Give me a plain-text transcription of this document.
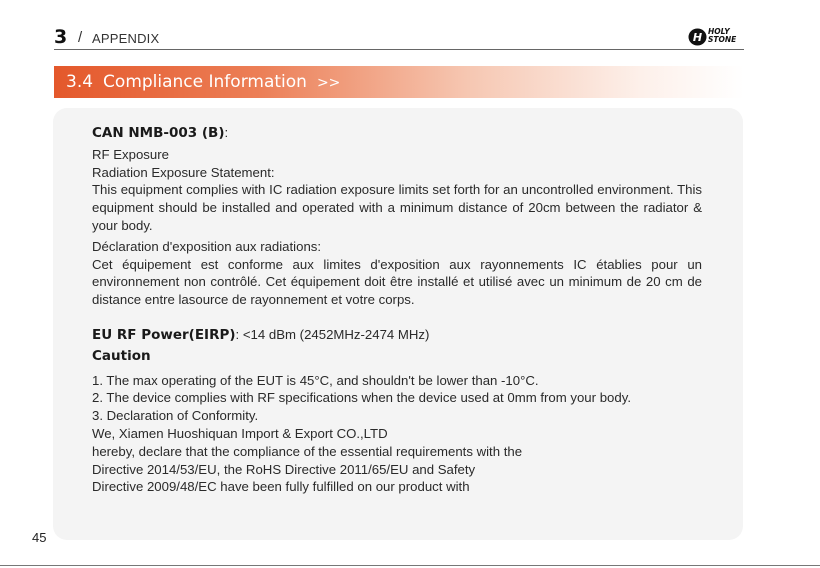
3 / APPENDIX	H HOLY
STONE
3.4 Compliance Information >>

CAN NMB-003 (B):

RF Exposure

Radiation Exposure Statement:

This equipment complies with IC radiation exposure limits set forth for an uncontrolled environment. This equipment should be installed and operated with a minimum distance of 20cm between the radiator & your body.

Déclaration d'exposition aux radiations:

Cet équipement est conforme aux limites d'exposition aux rayonnements IC établies pour un environnement non contrôlé. Cet équipement doit être installé et utilisé avec un minimum de 20 cm de distance entre lasource de rayonnement et votre corps.

EU RF Power(EIRP): <14 dBm (2452MHz-2474 MHz)

Caution

1. The max operating of the EUT is 45°C, and shouldn't be lower than -10°C.

2. The device complies with RF specifications when the device used at 0mm from your body.

3. Declaration of Conformity.

We, Xiamen Huoshiquan Import & Export CO.,LTD

hereby, declare that the compliance of the essential requirements with the

Directive 2014/53/EU, the RoHS Directive 2011/65/EU and Safety

Directive 2009/48/EC have been fully fulfilled on our product with

45
